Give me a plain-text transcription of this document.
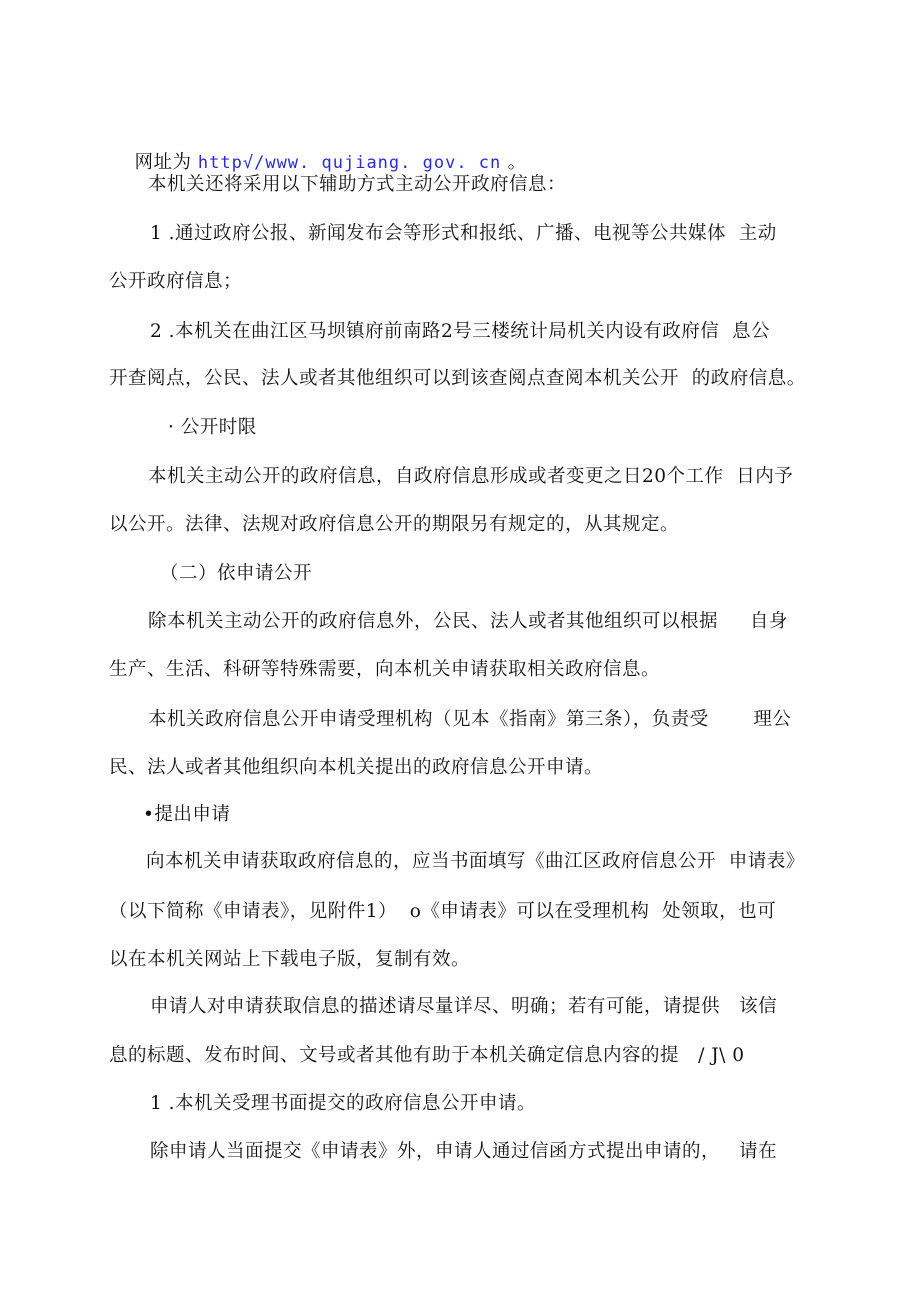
网址为 http√/www. qujiang. gov. cn 。

本机关还将采用以下辅助方式主动公开政府信息：
1 .通过政府公报、新闻发布会等形式和报纸、广播、电视等公共媒体  主动
公开政府信息；
2 .本机关在曲江区马坝镇府前南路2号三楼统计局机关内设有政府信  息公
开查阅点，公民、法人或者其他组织可以到该查阅点查阅本机关公开  的政府信息。
· 公开时限
本机关主动公开的政府信息，自政府信息形成或者变更之日20个工作  日内予
以公开。法律、法规对政府信息公开的期限另有规定的，从其规定。
（二）依申请公开
除本机关主动公开的政府信息外，公民、法人或者其他组织可以根据     自身
生产、生活、科研等特殊需要，向本机关申请获取相关政府信息。
本机关政府信息公开申请受理机构（见本《指南》第三条），负责受       理公
民、法人或者其他组织向本机关提出的政府信息公开申请。
•提出申请
向本机关申请获取政府信息的，应当书面填写《曲江区政府信息公开  申请表》
（以下简称《申请表》，见附件1）  o《申请表》可以在受理机构  处领取，也可
以在本机关网站上下载电子版，复制有效。
申请人对申请获取信息的描述请尽量详尽、明确；若有可能，请提供   该信
息的标题、发布时间、文号或者其他有助于本机关确定信息内容的提   / J\ 0
1 .本机关受理书面提交的政府信息公开申请。
除申请人当面提交《申请表》外，申请人通过信函方式提出申请的，   请在
